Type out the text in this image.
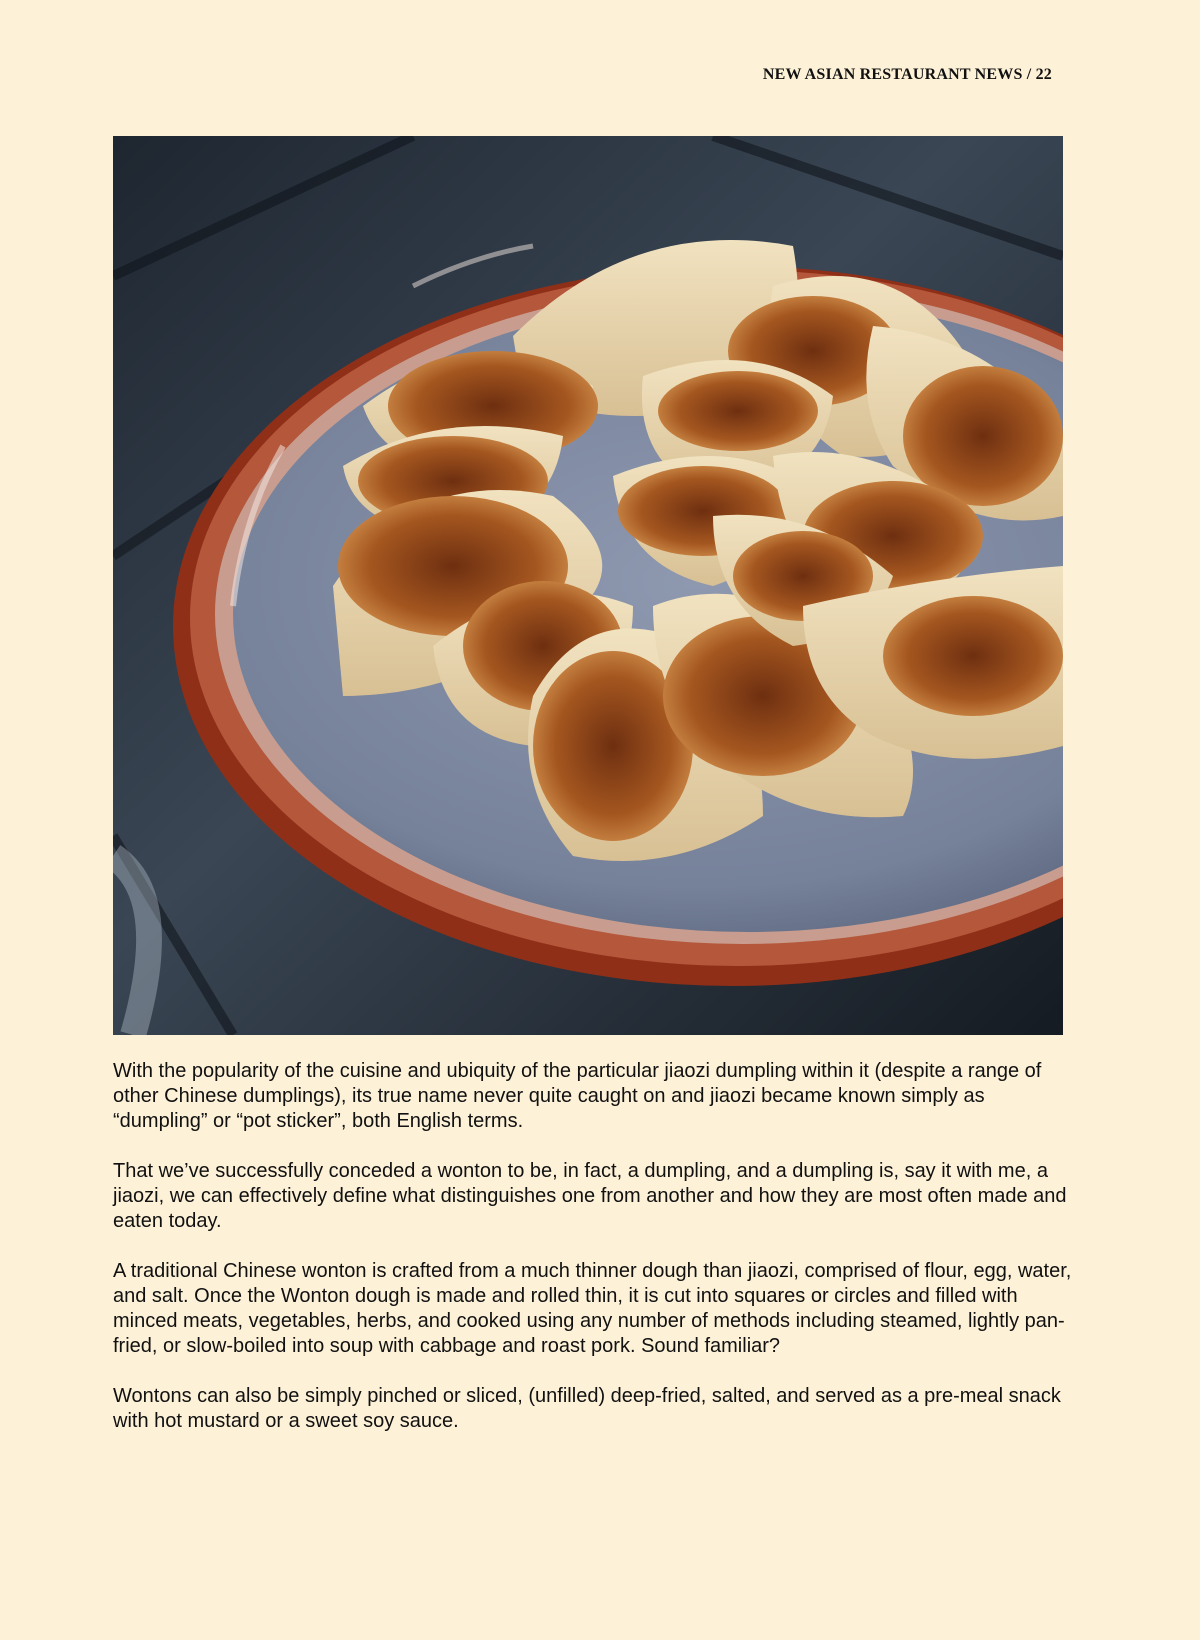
NEW ASIAN RESTAURANT NEWS / 22

With the popularity of the cuisine and ubiquity of the particular jiaozi dumpling within it (despite a range of other Chinese dumplings), its true name never quite caught on and jiaozi became known simply as “dumpling” or “pot sticker”, both English terms.

That we’ve successfully conceded a wonton to be, in fact, a dumpling, and a dumpling is, say it with me, a jiaozi, we can effectively define what distinguishes one from another and how they are most often made and eaten today.

A traditional Chinese wonton is crafted from a much thinner dough than jiaozi, comprised of flour, egg, water, and salt. Once the Wonton dough is made and rolled thin, it is cut into squares or circles and filled with minced meats, vegetables, herbs, and cooked using any number of methods including steamed, lightly pan-fried, or slow-boiled into soup with cabbage and roast pork. Sound familiar?

Wontons can also be simply pinched or sliced, (unfilled) deep-fried, salted, and served as a pre-meal snack with hot mustard or a sweet soy sauce.
